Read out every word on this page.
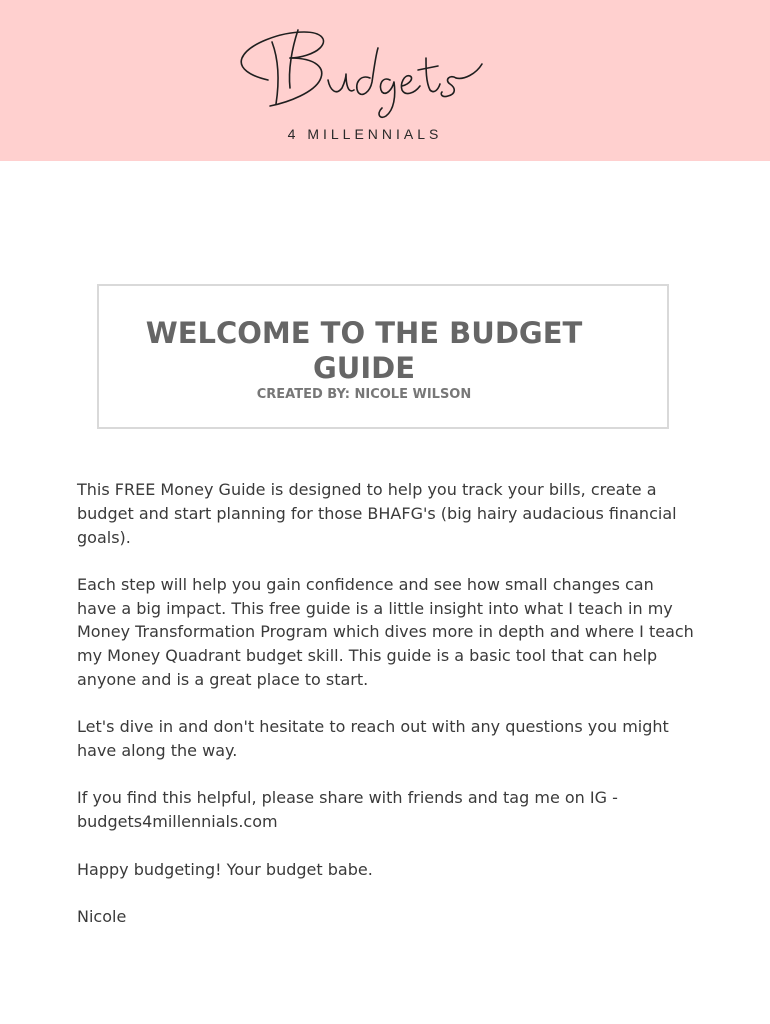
4 MILLENNIALS
WELCOME TO THE BUDGET GUIDE
CREATED BY: NICOLE WILSON

This FREE Money Guide is designed to help you track your bills, create a budget and start planning for those BHAFG's (big hairy audacious financial goals).

Each step will help you gain confidence and see how small changes can have a big impact. This free guide is a little insight into what I teach in my Money Transformation Program which dives more in depth and where I teach my Money Quadrant budget skill. This guide is a basic tool that can help anyone and is a great place to start.

Let's dive in and don't hesitate to reach out with any questions you might have along the way.

If you find this helpful, please share with friends and tag me on IG - budgets4millennials.com

Happy budgeting! Your budget babe.

Nicole
